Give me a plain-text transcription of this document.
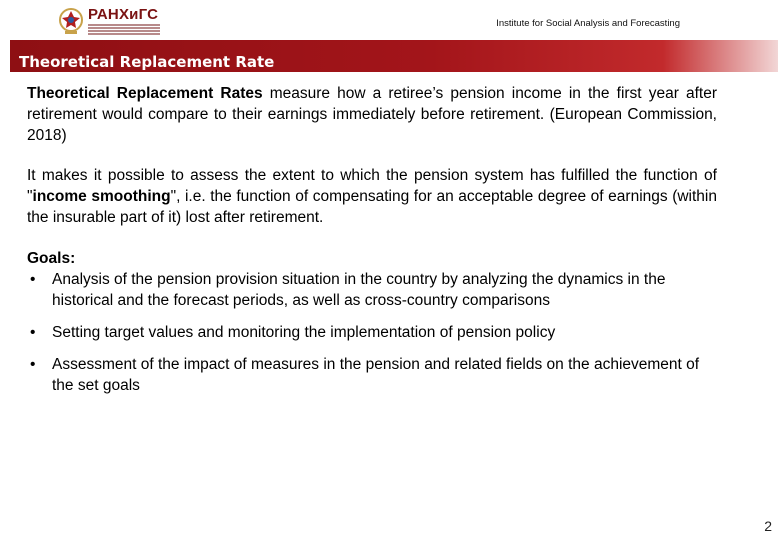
РАНХиГС
Institute for Social Analysis and Forecasting
Theoretical Replacement Rate

Theoretical Replacement Rates measure how a retiree’s pension income in the first year after retirement would compare to their earnings immediately before retirement. (European Commission, 2018)

It makes it possible to assess the extent to which the pension system has fulfilled the function of "income smoothing", i.e. the function of compensating for an acceptable degree of earnings (within the insurable part of it) lost after retirement.

Goals:
•	Analysis of the pension provision situation in the country by analyzing the dynamics in the historical and the forecast periods, as well as cross-country comparisons
•	Setting target values and monitoring the implementation of pension policy
•	Assessment of the impact of measures in the pension and related fields on the achievement of the set goals
2
